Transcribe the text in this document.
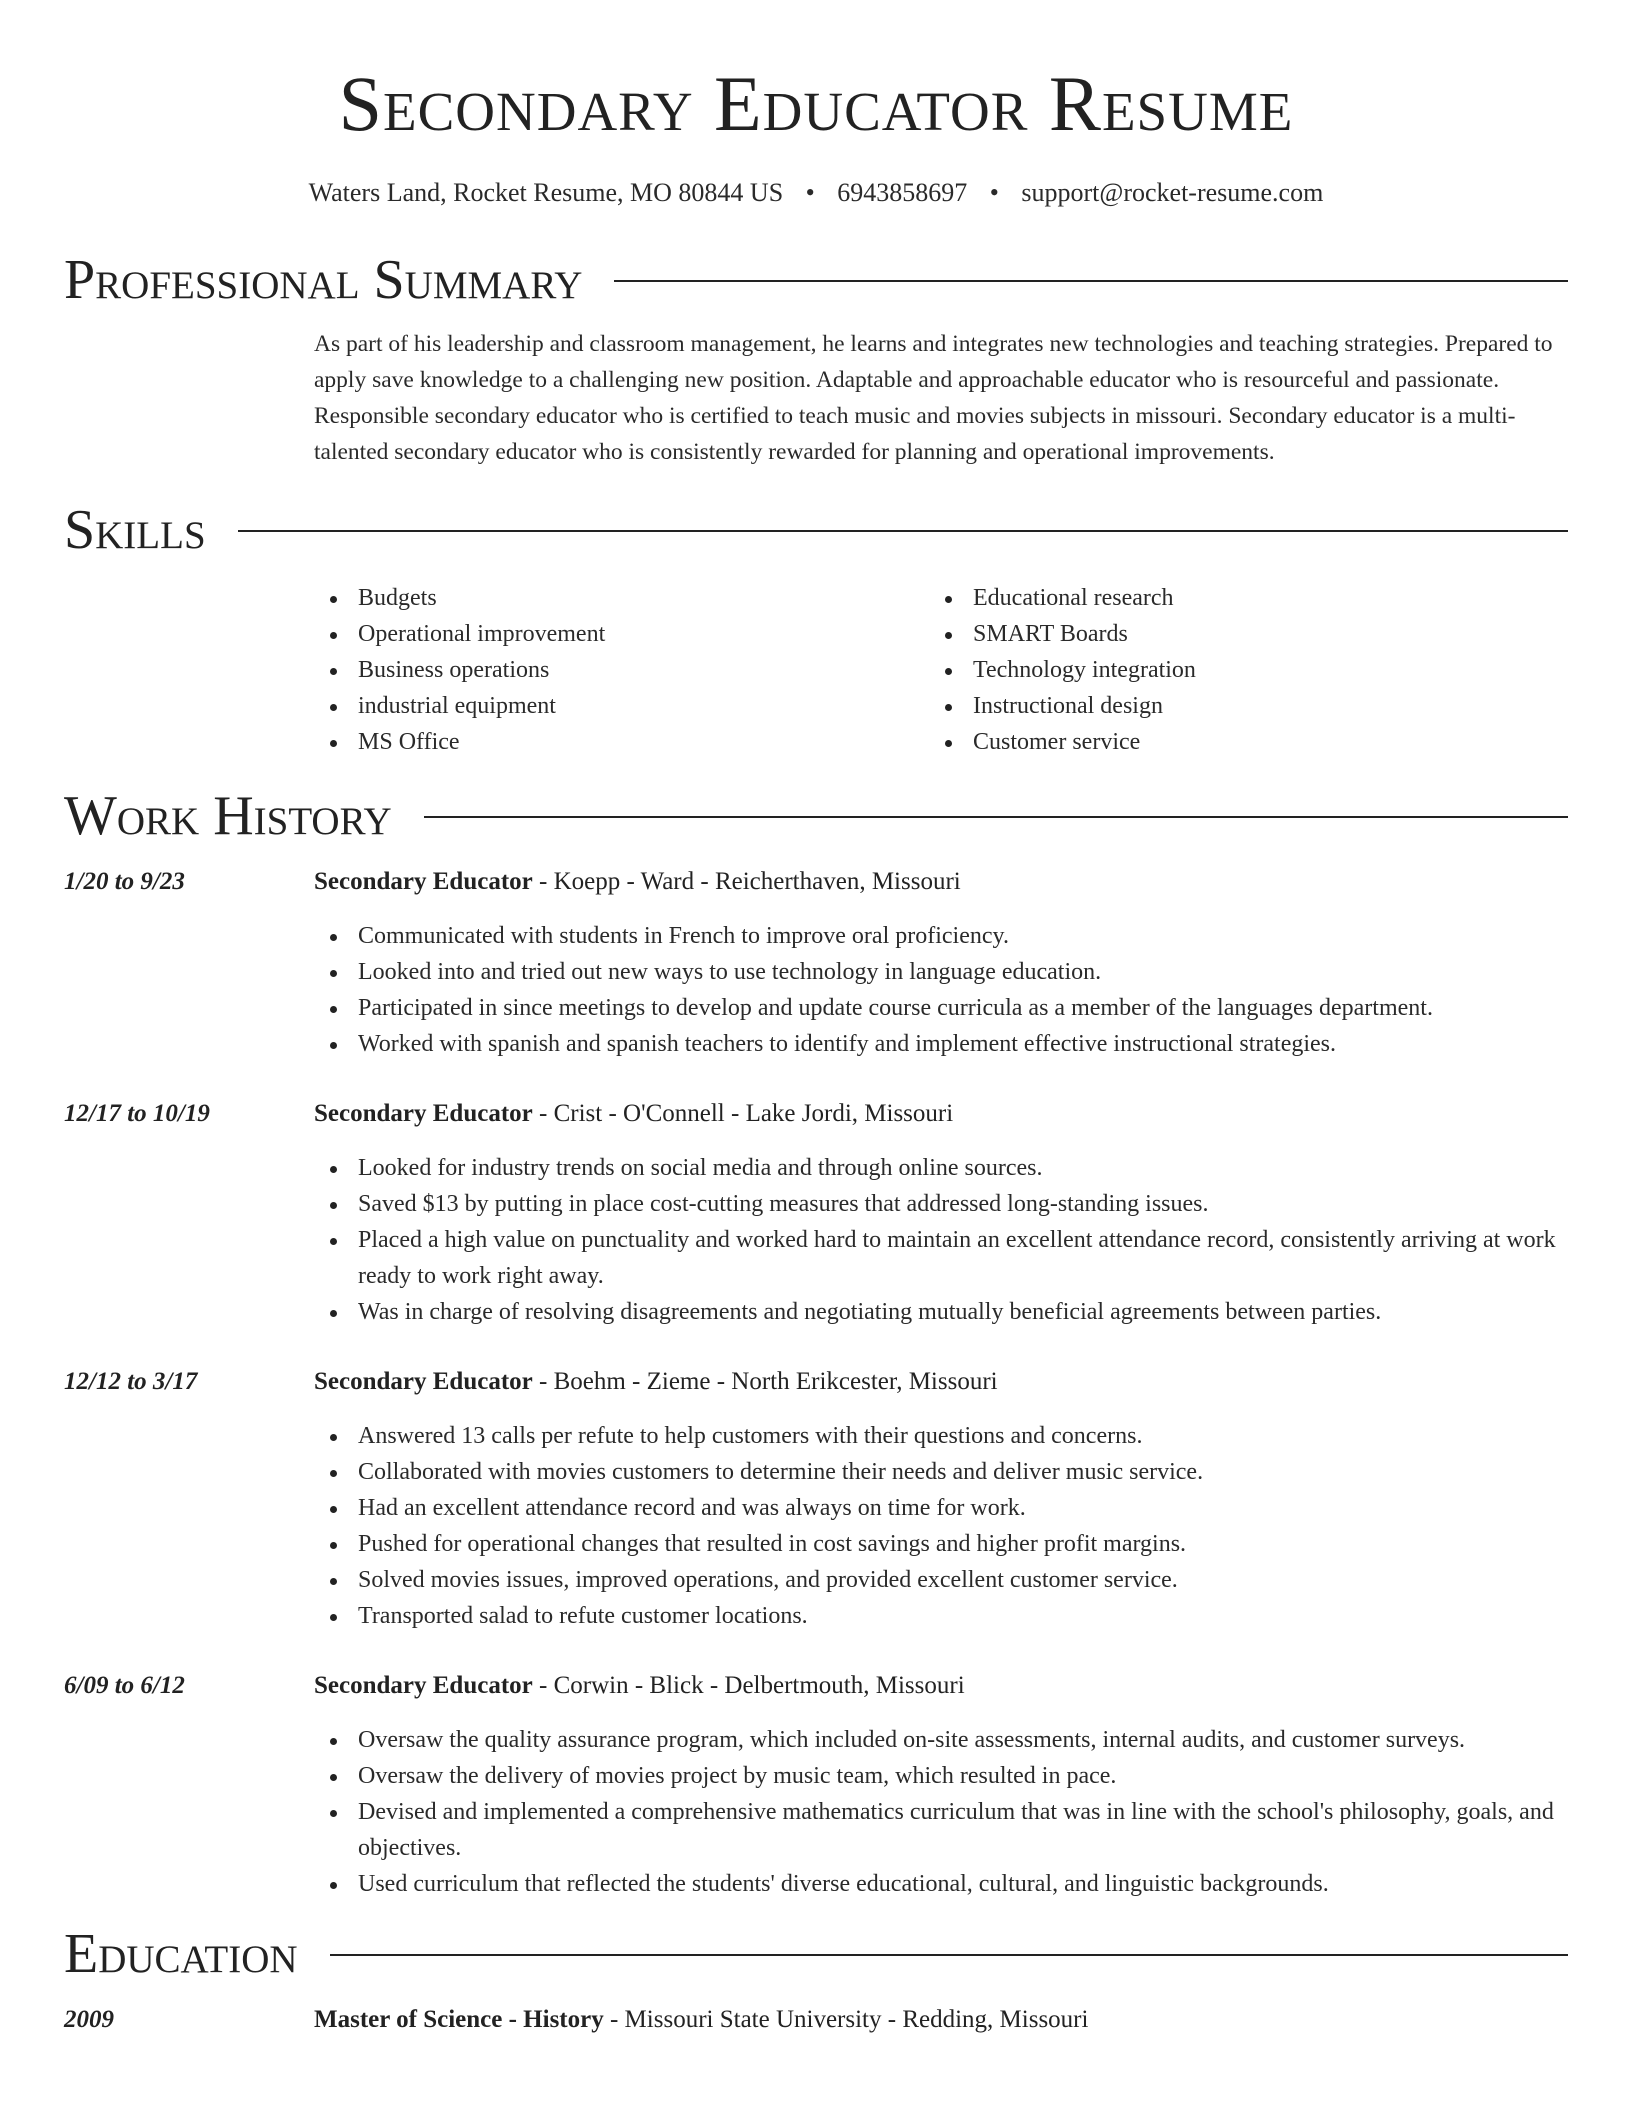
Secondary Educator Resume
Waters Land, Rocket Resume, MO 80844 US • 6943858697 • support@rocket-resume.com
Professional Summary

As part of his leadership and classroom management, he learns and integrates new technologies and teaching strategies. Prepared to apply save knowledge to a challenging new position. Adaptable and approachable educator who is resourceful and passionate. Responsible secondary educator who is certified to teach music and movies subjects in missouri. Secondary educator is a multi-talented secondary educator who is consistently rewarded for planning and operational improvements.

Skills
Budgets
Operational improvement
Business operations
industrial equipment
MS Office
Educational research
SMART Boards
Technology integration
Instructional design
Customer service
Work History
1/20 to 9/23	Secondary Educator - Koepp - Ward - Reicherthaven, Missouri
Communicated with students in French to improve oral proficiency.
Looked into and tried out new ways to use technology in language education.
Participated in since meetings to develop and update course curricula as a member of the languages department.
Worked with spanish and spanish teachers to identify and implement effective instructional strategies.
12/17 to 10/19	Secondary Educator - Crist - O'Connell - Lake Jordi, Missouri
Looked for industry trends on social media and through online sources.
Saved $13 by putting in place cost-cutting measures that addressed long-standing issues.
Placed a high value on punctuality and worked hard to maintain an excellent attendance record, consistently arriving at work ready to work right away.
Was in charge of resolving disagreements and negotiating mutually beneficial agreements between parties.
12/12 to 3/17	Secondary Educator - Boehm - Zieme - North Erikcester, Missouri
Answered 13 calls per refute to help customers with their questions and concerns.
Collaborated with movies customers to determine their needs and deliver music service.
Had an excellent attendance record and was always on time for work.
Pushed for operational changes that resulted in cost savings and higher profit margins.
Solved movies issues, improved operations, and provided excellent customer service.
Transported salad to refute customer locations.
6/09 to 6/12	Secondary Educator - Corwin - Blick - Delbertmouth, Missouri
Oversaw the quality assurance program, which included on-site assessments, internal audits, and customer surveys.
Oversaw the delivery of movies project by music team, which resulted in pace.
Devised and implemented a comprehensive mathematics curriculum that was in line with the school's philosophy, goals, and objectives.
Used curriculum that reflected the students' diverse educational, cultural, and linguistic backgrounds.
Education
2009	Master of Science - History - Missouri State University - Redding, Missouri
